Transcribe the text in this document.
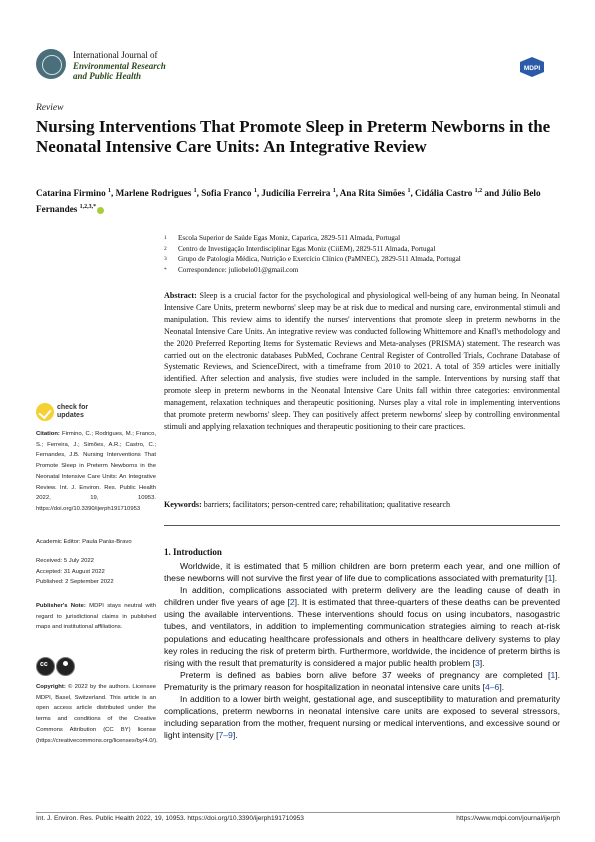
International Journal of
Environmental Research
and Public Health
MDPI
Review
Nursing Interventions That Promote Sleep in Preterm Newborns in the Neonatal Intensive Care Units: An Integrative Review
Catarina Firmino $^1$, Marlene Rodrigues $^1$, Sofia Franco $^1$, Judicília Ferreira $^1$, Ana Rita Simões $^1$, Cidália Castro $^{1,2}$ and Júlio Belo Fernandes $^{1,2,3,*}$
1	Escola Superior de Saúde Egas Moniz, Caparica, 2829-511 Almada, Portugal
2	Centro de Investigação Interdisciplinar Egas Moniz (CiiEM), 2829-511 Almada, Portugal
3	Grupo de Patologia Médica, Nutrição e Exercício Clínico (PaMNEC), 2829-511 Almada, Portugal
*	Correspondence: juliobelo01@gmail.com
Abstract: Sleep is a crucial factor for the psychological and physiological well-being of any human being. In Neonatal Intensive Care Units, preterm newborns' sleep may be at risk due to medical and nursing care, environmental stimuli and manipulation. This review aims to identify the nurses' interventions that promote sleep in preterm newborns in the Neonatal Intensive Care Units. An integrative review was conducted following Whittemore and Knafl's methodology and the 2020 Preferred Reporting Items for Systematic Reviews and Meta-analyses (PRISMA) statement. The research was carried out on the electronic databases PubMed, Cochrane Central Register of Controlled Trials, Cochrane Database of Systematic Reviews, and ScienceDirect, with a timeframe from 2010 to 2021. A total of 359 articles were initially identified. After selection and analysis, five studies were included in the sample. Interventions by nursing staff that promote sleep in preterm newborns in the Neonatal Intensive Care Units fall within three categories: environmental management, relaxation techniques and therapeutic positioning. Nurses play a vital role in implementing interventions that promote preterm newborns' sleep. They can positively affect preterm newborns' sleep by controlling environmental stimuli and applying relaxation techniques and therapeutic positioning to their care practices.
Keywords: barriers; facilitators; person-centred care; rehabilitation; qualitative research
1. Introduction

Worldwide, it is estimated that 5 million children are born preterm each year, and one million of these newborns will not survive the first year of life due to complications associated with prematurity [1].

In addition, complications associated with preterm delivery are the leading cause of death in children under five years of age [2]. It is estimated that three-quarters of these deaths can be prevented using the available interventions. These interventions should focus on using incubators, nasogastric tubes, and ventilators, in addition to implementing communication strategies aiming to reach at-risk populations and educating healthcare professionals and others in healthcare delivery systems to play key roles in reducing the risk of preterm birth. Furthermore, worldwide, the incidence of preterm births is rising with the result that prematurity is considered a major public health problem [3].

Preterm is defined as babies born alive before 37 weeks of pregnancy are completed [1]. Prematurity is the primary reason for hospitalization in neonatal intensive care units [4–6].

In addition to a lower birth weight, gestational age, and susceptibility to maturation and prematurity complications, preterm newborns in neonatal intensive care units are exposed to several stressors, including separation from the mother, frequent nursing or medical interventions, and excessive sound or light intensity [7–9].

check for
updates
Citation: Firmino, C.; Rodrigues, M.; Franco, S.; Ferreira, J.; Simões, A.R.; Castro, C.; Fernandes, J.B. Nursing Interventions That Promote Sleep in Preterm Newborns in the Neonatal Intensive Care Units: An Integrative Review. Int. J. Environ. Res. Public Health 2022, 19, 10953. https://doi.org/10.3390/ijerph191710953
Academic Editor: Paula Parás-Bravo
Received: 5 July 2022
Accepted: 31 August 2022
Published: 2 September 2022
Publisher's Note: MDPI stays neutral with regard to jurisdictional claims in published maps and institutional affiliations.
cc
Copyright: © 2022 by the authors. Licensee MDPI, Basel, Switzerland. This article is an open access article distributed under the terms and conditions of the Creative Commons Attribution (CC BY) license (https://creativecommons.org/licenses/by/4.0/).
Int. J. Environ. Res. Public Health 2022, 19, 10953. https://doi.org/10.3390/ijerph191710953	https://www.mdpi.com/journal/ijerph
